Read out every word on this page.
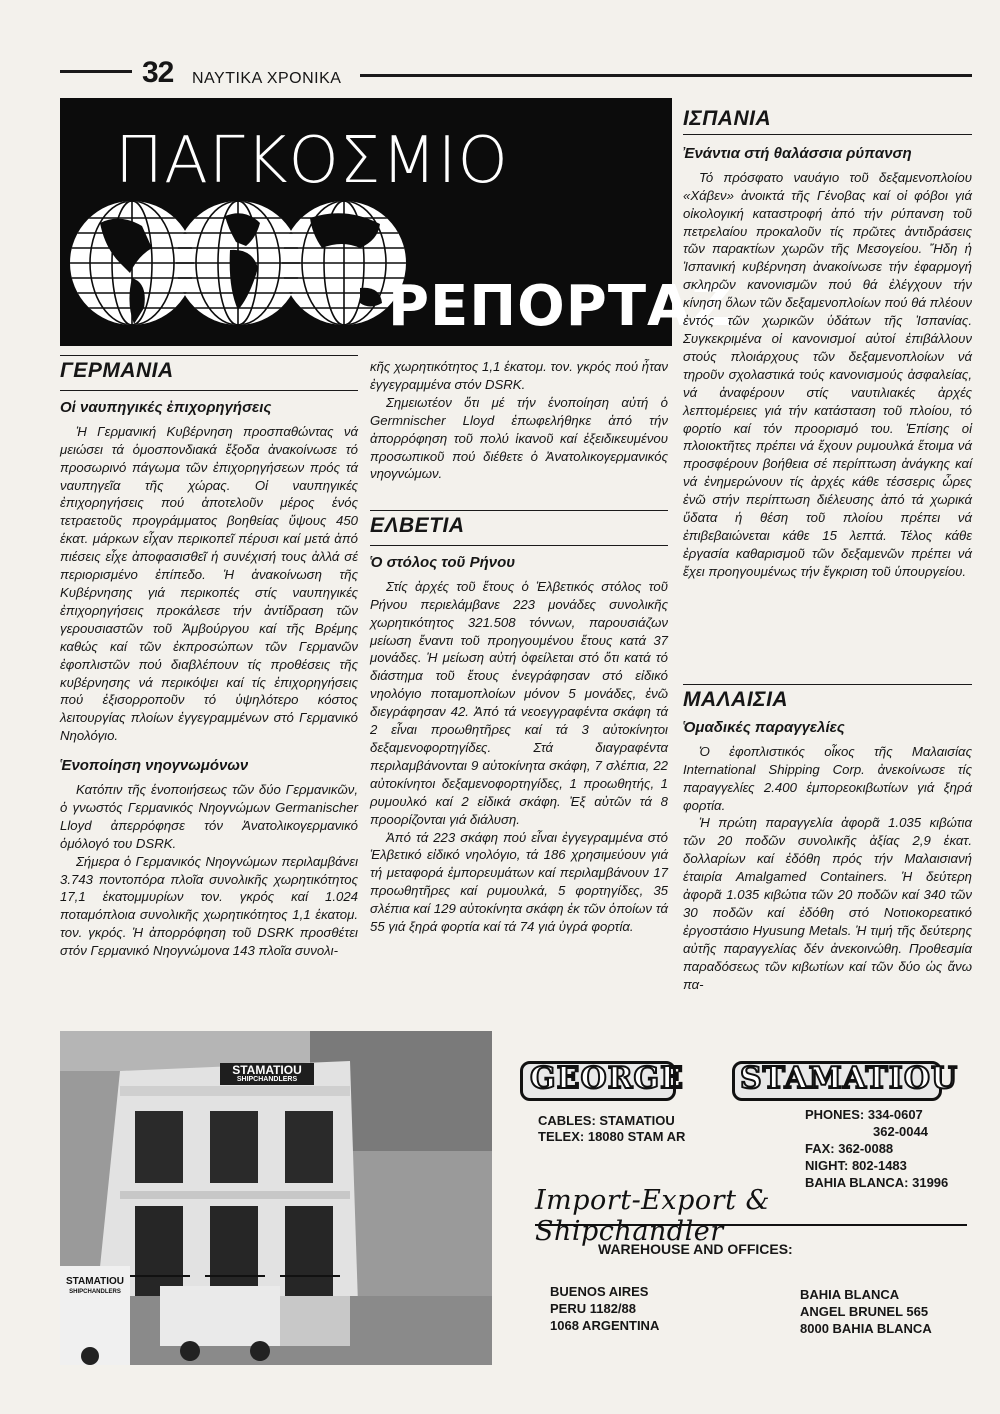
32 ΝΑΥΤΙΚΑ ΧΡΟΝΙΚΑ
ΠΑΓΚΟΣΜΙΟ
ΡΕΠΟΡΤΑΖ
ΙΣΠΑΝΙΑ
Ἐνάντια στή θαλάσσια ρύπανση

Τό πρόσφατο ναυάγιο τοῦ δεξαμενοπλοίου «Χάβεν» ἀνοικτά τῆς Γένοβας καί οἱ φόβοι γιά οἰκολογική καταστροφή ἀπό τήν ρύπανση τοῦ πετρελαίου προκαλοῦν τίς πρῶτες ἀντιδράσεις τῶν παρακτίων χωρῶν τῆς Μεσογείου. Ἤδη ἡ Ἰσπανική κυβέρνηση ἀνακοίνωσε τήν ἐφαρμογή σκληρῶν κανονισμῶν πού θά ἐλέγχουν τήν κίνηση ὅλων τῶν δεξαμενοπλοίων πού θά πλέουν ἐντός τῶν χωρικῶν ὑδάτων τῆς Ἰσπανίας. Συγκεκριμένα οἱ κανονισμοί αὐτοί ἐπιβάλλουν στούς πλοιάρχους τῶν δεξαμενοπλοίων νά τηροῦν σχολαστικά τούς κανονισμούς ἀσφαλείας, νά ἀναφέρουν στίς ναυτιλιακές ἀρχές λεπτομέρειες γιά τήν κατάσταση τοῦ πλοίου, τό φορτίο καί τόν προορισμό του. Ἐπίσης οἱ πλοιοκτῆτες πρέπει νά ἔχουν ρυμουλκά ἕτοιμα νά προσφέρουν βοήθεια σέ περίπτωση ἀνάγκης καί νά ἐνημερώνουν τίς ἀρχές κάθε τέσσερις ὧρες ἐνῶ στήν περίπτωση διέλευσης ἀπό τά χωρικά ὕδατα ἡ θέση τοῦ πλοίου πρέπει νά ἐπιβεβαιώνεται κάθε 15 λεπτά. Τέλος κάθε ἐργασία καθαρισμοῦ τῶν δεξαμενῶν πρέπει νά ἔχει προηγουμένως τήν ἔγκριση τοῦ ὑπουργείου.

ΜΑΛΑΙΣΙΑ
Ὁμαδικές παραγγελίες

Ὁ ἐφοπλιστικός οἶκος τῆς Μαλαισίας International Shipping Corp. ἀνεκοίνωσε τίς παραγγελίες 2.400 ἐμπορεοκιβωτίων γιά ξηρά φορτία.

Ἡ πρώτη παραγγελία ἀφορᾶ 1.035 κιβώτια τῶν 20 ποδῶν συνολικῆς ἀξίας 2,9 ἑκατ. δολλαρίων καί ἐδόθη πρός τήν Μαλαισιανή ἑταιρία Amalgamed Containers. Ἡ δεύτερη ἀφορᾶ 1.035 κιβώτια τῶν 20 ποδῶν καί 340 τῶν 30 ποδῶν καί ἐδόθη στό Νοτιοκορεατικό ἐργοστάσιο Hyusung Metals. Ἡ τιμή τῆς δεύτερης αὐτῆς παραγγελίας δέν ἀνεκοινώθη. Προθεσμία παραδόσεως τῶν κιβωτίων καί τῶν δύο ὡς ἄνω πα-

ΓΕΡΜΑΝΙΑ
Οἱ ναυπηγικές ἐπιχορηγήσεις

Ἡ Γερμανική Κυβέρνηση προσπαθώντας νά μειώσει τά ὁμοσπονδιακά ἔξοδα ἀνακοίνωσε τό προσωρινό πάγωμα τῶν ἐπιχορηγήσεων πρός τά ναυπηγεῖα τῆς χώρας. Οἱ ναυπηγικές ἐπιχορηγήσεις πού ἀποτελοῦν μέρος ἑνός τετραετοῦς προγράμματος βοηθείας ὕψους 450 ἑκατ. μάρκων εἶχαν περικοπεῖ πέρυσι καί μετά ἀπό πιέσεις εἶχε ἀποφασισθεῖ ἡ συνέχισή τους ἀλλά σέ περιορισμένο ἐπίπεδο. Ἡ ἀνακοίνωση τῆς Κυβέρνησης γιά περικοπές στίς ναυπηγικές ἐπιχορηγήσεις προκάλεσε τήν ἀντίδραση τῶν γερουσιαστῶν τοῦ Ἀμβούργου καί τῆς Βρέμης καθώς καί τῶν ἐκπροσώπων τῶν Γερμανῶν ἐφοπλιστῶν πού διαβλέπουν τίς προθέσεις τῆς κυβέρνησης νά περικόψει καί τίς ἐπιχορηγήσεις πού ἐξισορροποῦν τό ὑψηλότερο κόστος λειτουργίας πλοίων ἐγγεγραμμένων στό Γερμανικό Νηολόγιο.

Ἑνοποίηση νηογνωμόνων

Κατόπιν τῆς ἑνοποιήσεως τῶν δύο Γερμανικῶν, ὁ γνωστός Γερμανικός Νηογνώμων Germanischer Lloyd ἀπερρόφησε τόν Ἀνατολικογερμανικό ὁμόλογό του DSRK.

Σήμερα ὁ Γερμανικός Νηογνώμων περιλαμβάνει 3.743 ποντοπόρα πλοῖα συνολικῆς χωρητικότητος 17,1 ἑκατομμυρίων τον. γκρός καί 1.024 ποταμόπλοια συνολικῆς χωρητικότητος 1,1 ἑκατομ. τον. γκρός. Ἡ ἀπορρόφηση τοῦ DSRK προσθέτει στόν Γερμανικό Νηογνώμονα 143 πλοῖα συνολι-

κῆς χωρητικότητος 1,1 ἑκατομ. τον. γκρός πού ἦταν ἐγγεγραμμένα στόν DSRK.

Σημειωτέον ὅτι μέ τήν ἑνοποίηση αὐτή ὁ Germnischer Lloyd ἐπωφελήθηκε ἀπό τήν ἀπορρόφηση τοῦ πολύ ἱκανοῦ καί ἐξειδικευμένου προσωπικοῦ πού διέθετε ὁ Ἀνατολικογερμανικός νηογνώμων.

ΕΛΒΕΤΙΑ
Ὁ στόλος τοῦ Ρήνου

Στίς ἀρχές τοῦ ἔτους ὁ Ἑλβετικός στόλος τοῦ Ρήνου περιελάμβανε 223 μονάδες συνολικῆς χωρητικότητος 321.508 τόννων, παρουσιάζων μείωση ἔναντι τοῦ προηγουμένου ἔτους κατά 37 μονάδες. Ἡ μείωση αὐτή ὀφείλεται στό ὅτι κατά τό διάστημα τοῦ ἔτους ἐνεγράφησαν στό εἰδικό νηολόγιο ποταμοπλοίων μόνον 5 μονάδες, ἐνῶ διεγράφησαν 42. Ἀπό τά νεοεγγραφέντα σκάφη τά 2 εἶναι προωθητῆρες καί τά 3 αὐτοκίνητοι δεξαμενοφορτηγίδες. Στά διαγραφέντα περιλαμβάνονται 9 αὐτοκίνητα σκάφη, 7 σλέπια, 22 αὐτοκίνητοι δεξαμενοφορτηγίδες, 1 προωθητής, 1 ρυμουλκό καί 2 εἰδικά σκάφη. Ἐξ αὐτῶν τά 8 προορίζονται γιά διάλυση.

Ἀπό τά 223 σκάφη πού εἶναι ἐγγεγραμμένα στό Ἑλβετικό εἰδικό νηολόγιο, τά 186 χρησιμεύουν γιά τή μεταφορά ἐμπορευμάτων καί περιλαμβάνουν 17 προωθητῆρες καί ρυμουλκά, 5 φορτηγίδες, 35 σλέπια καί 129 αὐτοκίνητα σκάφη ἐκ τῶν ὁποίων τά 55 γιά ξηρά φορτία καί τά 74 γιά ὑγρά φορτία.

STAMATIOU
SHIPCHANDLERS
STAMATIOU
SHIPCHANDLERS
GEORGE STAMATIOU
CABLES: STAMATIOU
TELEX: 18080 STAM AR
PHONES: 334-0607
362-0044
FAX: 362-0088
NIGHT: 802-1483
BAHIA BLANCA: 31996
Import-Export & Shipchandler
WAREHOUSE AND OFFICES:
BUENOS AIRES
PERU 1182/88
1068 ARGENTINA
BAHIA BLANCA
ANGEL BRUNEL 565
8000 BAHIA BLANCA
